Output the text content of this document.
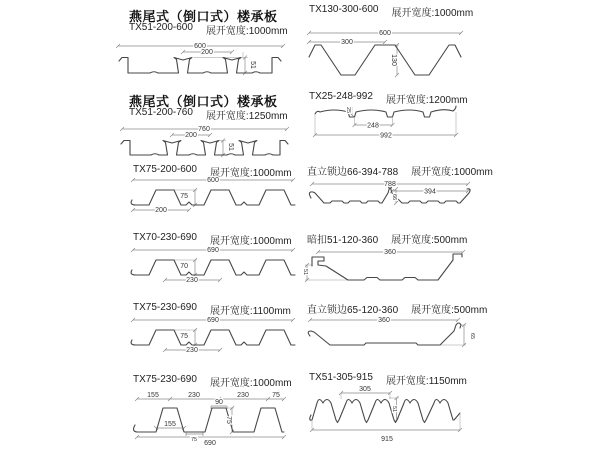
燕尾式（倒口式）楼承板
TX51-200-600 展开宽度:1000mm
600
200
51
燕尾式（倒口式）楼承板
TX51-200-760 展开宽度:1250mm
760
200
51
TX75-200-600 展开宽度:1000mm
600
75
200
TX70-230-690 展开宽度:1000mm
690
70
230
TX75-230-690 展开宽度:1100mm
690
75
230
TX75-230-690 展开宽度:1000mm
155	230	230	75
90
155
75
75
690
TX130-300-600 展开宽度:1000mm
600
300
130
TX25-248-992 展开宽度:1200mm
25
248
992
直立锁边66-394-788 展开宽度:1000mm
788
394
66
暗扣51-120-360 展开宽度:500mm
360
51
直立锁边65-120-360 展开宽度:500mm
360
65
TX51-305-915 展开宽度:1150mm
305
51
915
